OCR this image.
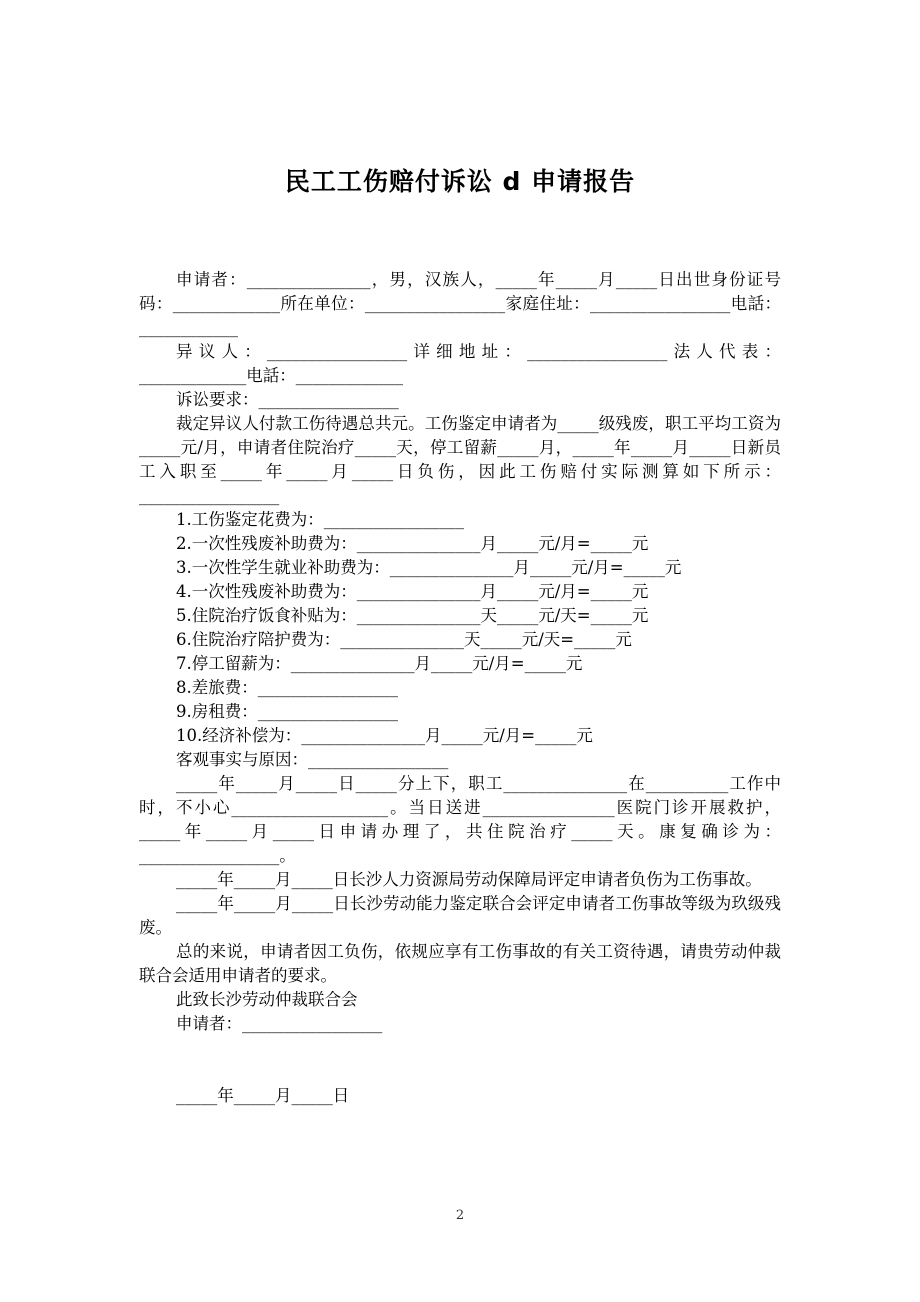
民工工伤赔付诉讼 d 申请报告

申请者：_______________，男，汉族人，_____年_____月_____日出世身份证号码：_____________所在单位：_________________家庭住址：_________________电話：____________

异议人：_________________详细地址：_________________法人代表：_____________电話：_____________

诉讼要求：_________________

裁定异议人付款工伤待遇总共元。工伤鉴定申请者为_____级残废，职工平均工资为_____元/月，申请者住院治疗_____天，停工留薪_____月，_____年_____月_____日新员工入职至_____年_____月_____日负伤，因此工伤赔付实际测算如下所示：_________________

1.工伤鉴定花费为：_________________

2.一次性残废补助费为：_______________月_____元/月=_____元

3.一次性学生就业补助费为：_______________月_____元/月=_____元

4.一次性残废补助费为：_______________月_____元/月=_____元

5.住院治疗饭食补贴为：_______________天_____元/天=_____元

6.住院治疗陪护费为：_______________天_____元/天=_____元

7.停工留薪为：_______________月_____元/月=_____元

8.差旅费：_________________

9.房租费：_________________

10.经济补偿为：_______________月_____元/月=_____元

客观事实与原因：_________________

_____年_____月_____日_____分上下，职工_______________在__________工作中时，不小心___________________。当日送进________________医院门诊开展救护，_____年_____月_____日申请办理了，共住院治疗_____天。康复确诊为：_________________。

_____年_____月_____日长沙人力资源局劳动保障局评定申请者负伤为工伤事故。

_____年_____月_____日长沙劳动能力鉴定联合会评定申请者工伤事故等级为玖级残废。

总的来说，申请者因工负伤，依规应享有工伤事故的有关工资待遇，请贵劳动仲裁联合会适用申请者的要求。

此致长沙劳动仲裁联合会

申请者：_________________

_____年_____月_____日

2
